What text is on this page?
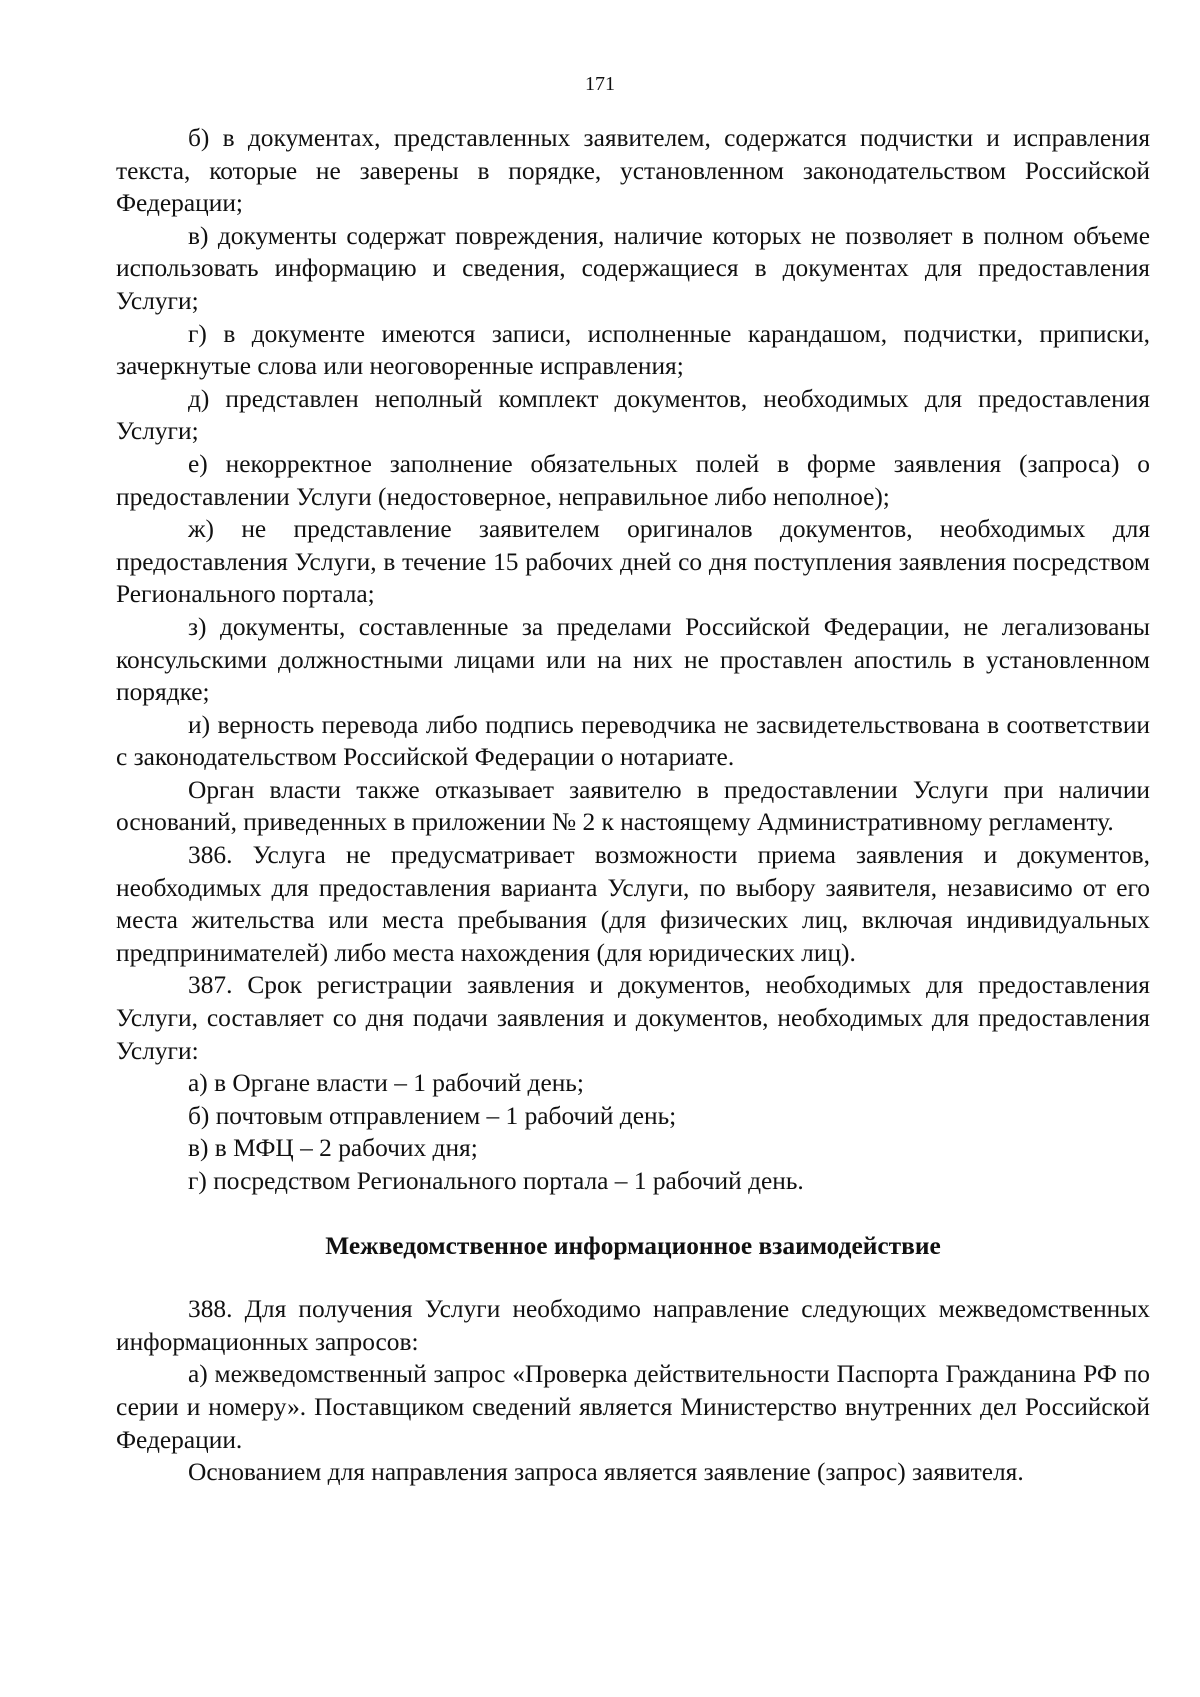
171

б) в документах, представленных заявителем, содержатся подчистки и исправления текста, которые не заверены в порядке, установленном законодательством Российской Федерации;

в) документы содержат повреждения, наличие которых не позволяет в полном объеме использовать информацию и сведения, содержащиеся в документах для предоставления Услуги;

г) в документе имеются записи, исполненные карандашом, подчистки, приписки, зачеркнутые слова или неоговоренные исправления;

д) представлен неполный комплект документов, необходимых для предоставления Услуги;

е) некорректное заполнение обязательных полей в форме заявления (запроса) о предоставлении Услуги (недостоверное, неправильное либо неполное);

ж) не представление заявителем оригиналов документов, необходимых для предоставления Услуги, в течение 15 рабочих дней со дня поступления заявления посредством Регионального портала;

з) документы, составленные за пределами Российской Федерации, не легализованы консульскими должностными лицами или на них не проставлен апостиль в установленном порядке;

и) верность перевода либо подпись переводчика не засвидетельствована в соответствии с законодательством Российской Федерации о нотариате.

Орган власти также отказывает заявителю в предоставлении Услуги при наличии оснований, приведенных в приложении № 2 к настоящему Административному регламенту.

386. Услуга не предусматривает возможности приема заявления и документов, необходимых для предоставления варианта Услуги, по выбору заявителя, независимо от его места жительства или места пребывания (для физических лиц, включая индивидуальных предпринимателей) либо места нахождения (для юридических лиц).

387. Срок регистрации заявления и документов, необходимых для предоставления Услуги, составляет со дня подачи заявления и документов, необходимых для предоставления Услуги:

а) в Органе власти – 1 рабочий день;

б) почтовым отправлением – 1 рабочий день;

в) в МФЦ – 2 рабочих дня;

г) посредством Регионального портала – 1 рабочий день.

Межведомственное информационное взаимодействие

388. Для получения Услуги необходимо направление следующих межведомственных информационных запросов:

а) межведомственный запрос «Проверка действительности Паспорта Гражданина РФ по серии и номеру». Поставщиком сведений является Министерство внутренних дел Российской Федерации.

Основанием для направления запроса является заявление (запрос) заявителя.
